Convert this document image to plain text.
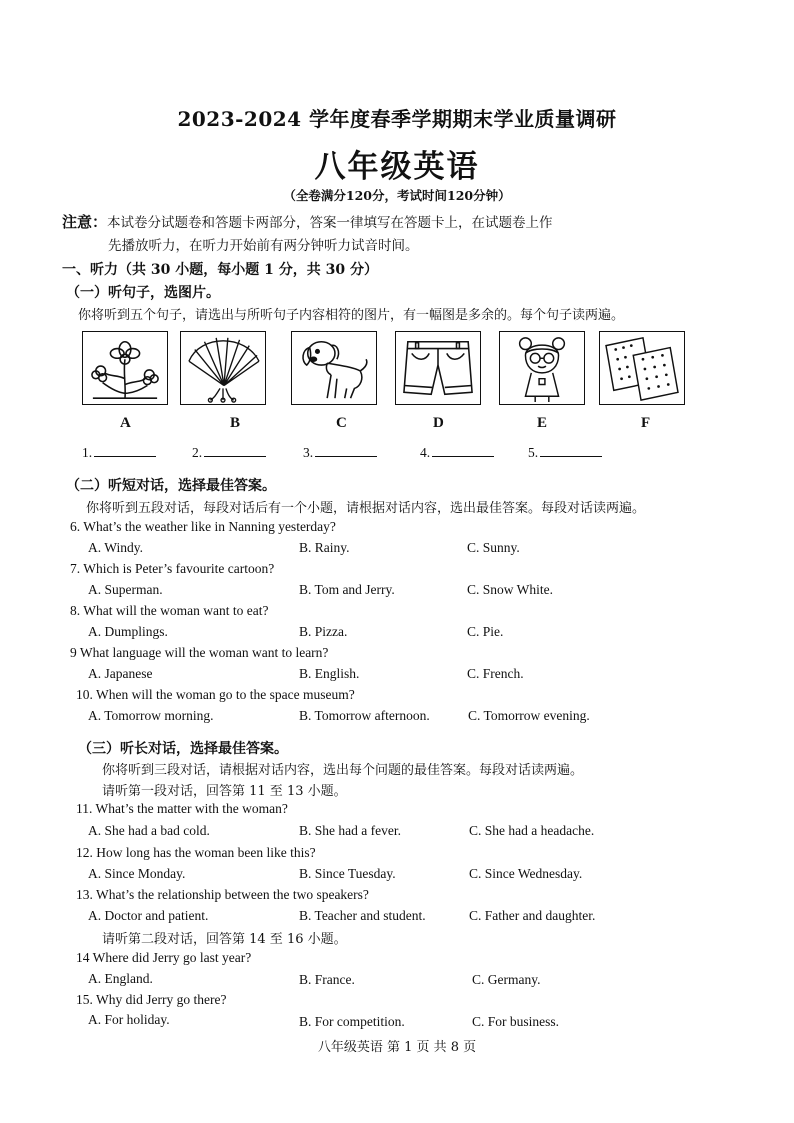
2023-2024 学年度春季学期期末学业质量调研
八年级英语
（全卷满分120分，考试时间120分钟）
注意：本试卷分试题卷和答题卡两部分，答案一律填写在答题卡上，在试题卷上作
先播放听力，在听力开始前有两分钟听力试音时间。
一、听力（共 30 小题，每小题 1 分，共 30 分）
（一）听句子，选图片。
你将听到五个句子，请选出与所听句子内容相符的图片，有一幅图是多余的。每个句子读两遍。
A	B	C	D	E	F
1.	2.	3.	4.	5.
（二）听短对话，选择最佳答案。
你将听到五段对话，每段对话后有一个小题，请根据对话内容，选出最佳答案。每段对话读两遍。
6. What’s the weather like in Nanning yesterday?
A. Windy.	B. Rainy.	C. Sunny.
7. Which is Peter’s favourite cartoon?
A. Superman.	B. Tom and Jerry.	C. Snow White.
8. What will the woman want to eat?
A. Dumplings.	B. Pizza.	C. Pie.
9 What language will the woman want to learn?
A. Japanese	B. English.	C. French.
10. When will the woman go to the space museum?
A. Tomorrow morning.	B. Tomorrow afternoon.	C. Tomorrow evening.
（三）听长对话，选择最佳答案。
你将听到三段对话，请根据对话内容，选出每个问题的最佳答案。每段对话读两遍。
请听第一段对话，回答第 11 至 13 小题。
11. What’s the matter with the woman?
A. She had a bad cold.	B. She had a fever.	C. She had a headache.
12. How long has the woman been like this?
A. Since Monday.	B. Since Tuesday.	C. Since Wednesday.
13. What’s the relationship between the two speakers?
A. Doctor and patient.	B. Teacher and student.	C. Father and daughter.
请听第二段对话，回答第 14 至 16 小题。
14 Where did Jerry go last year?
A. England.	B. France.	C. Germany.
15. Why did Jerry go there?
A. For holiday.	B. For competition.	C. For business.
八年级英语 第 1 页 共 8 页
